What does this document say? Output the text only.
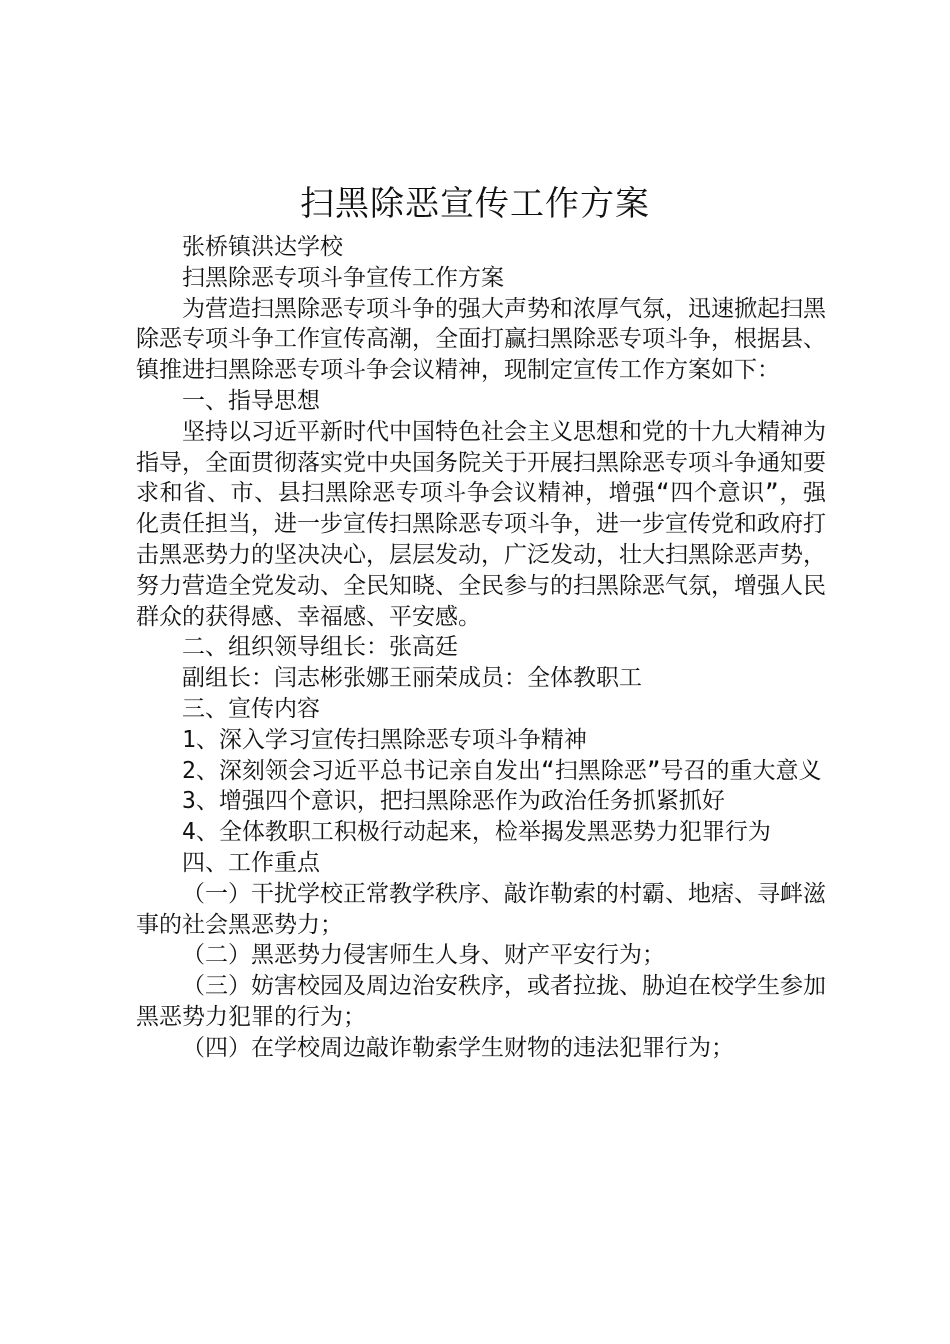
扫黑除恶宣传工作方案

张桥镇洪达学校

扫黑除恶专项斗争宣传工作方案

为营造扫黑除恶专项斗争的强大声势和浓厚气氛，迅速掀起扫黑除恶专项斗争工作宣传高潮，全面打赢扫黑除恶专项斗争，根据县、镇推进扫黑除恶专项斗争会议精神，现制定宣传工作方案如下：

一、指导思想

坚持以习近平新时代中国特色社会主义思想和党的十九大精神为指导，全面贯彻落实党中央国务院关于开展扫黑除恶专项斗争通知要求和省、市、县扫黑除恶专项斗争会议精神，增强“四个意识”，强化责任担当，进一步宣传扫黑除恶专项斗争，进一步宣传党和政府打击黑恶势力的坚决决心，层层发动，广泛发动，壮大扫黑除恶声势，努力营造全党发动、全民知晓、全民参与的扫黑除恶气氛，增强人民群众的获得感、幸福感、平安感。

二、组织领导组长：张高廷

副组长：闫志彬张娜王丽荣成员：全体教职工

三、宣传内容

1、深入学习宣传扫黑除恶专项斗争精神

2、深刻领会习近平总书记亲自发出“扫黑除恶”号召的重大意义

3、增强四个意识，把扫黑除恶作为政治任务抓紧抓好

4、全体教职工积极行动起来，检举揭发黑恶势力犯罪行为

四、工作重点

（一）干扰学校正常教学秩序、敲诈勒索的村霸、地痞、寻衅滋事的社会黑恶势力；

（二）黑恶势力侵害师生人身、财产平安行为；

（三）妨害校园及周边治安秩序，或者拉拢、胁迫在校学生参加黑恶势力犯罪的行为；

（四）在学校周边敲诈勒索学生财物的违法犯罪行为；
